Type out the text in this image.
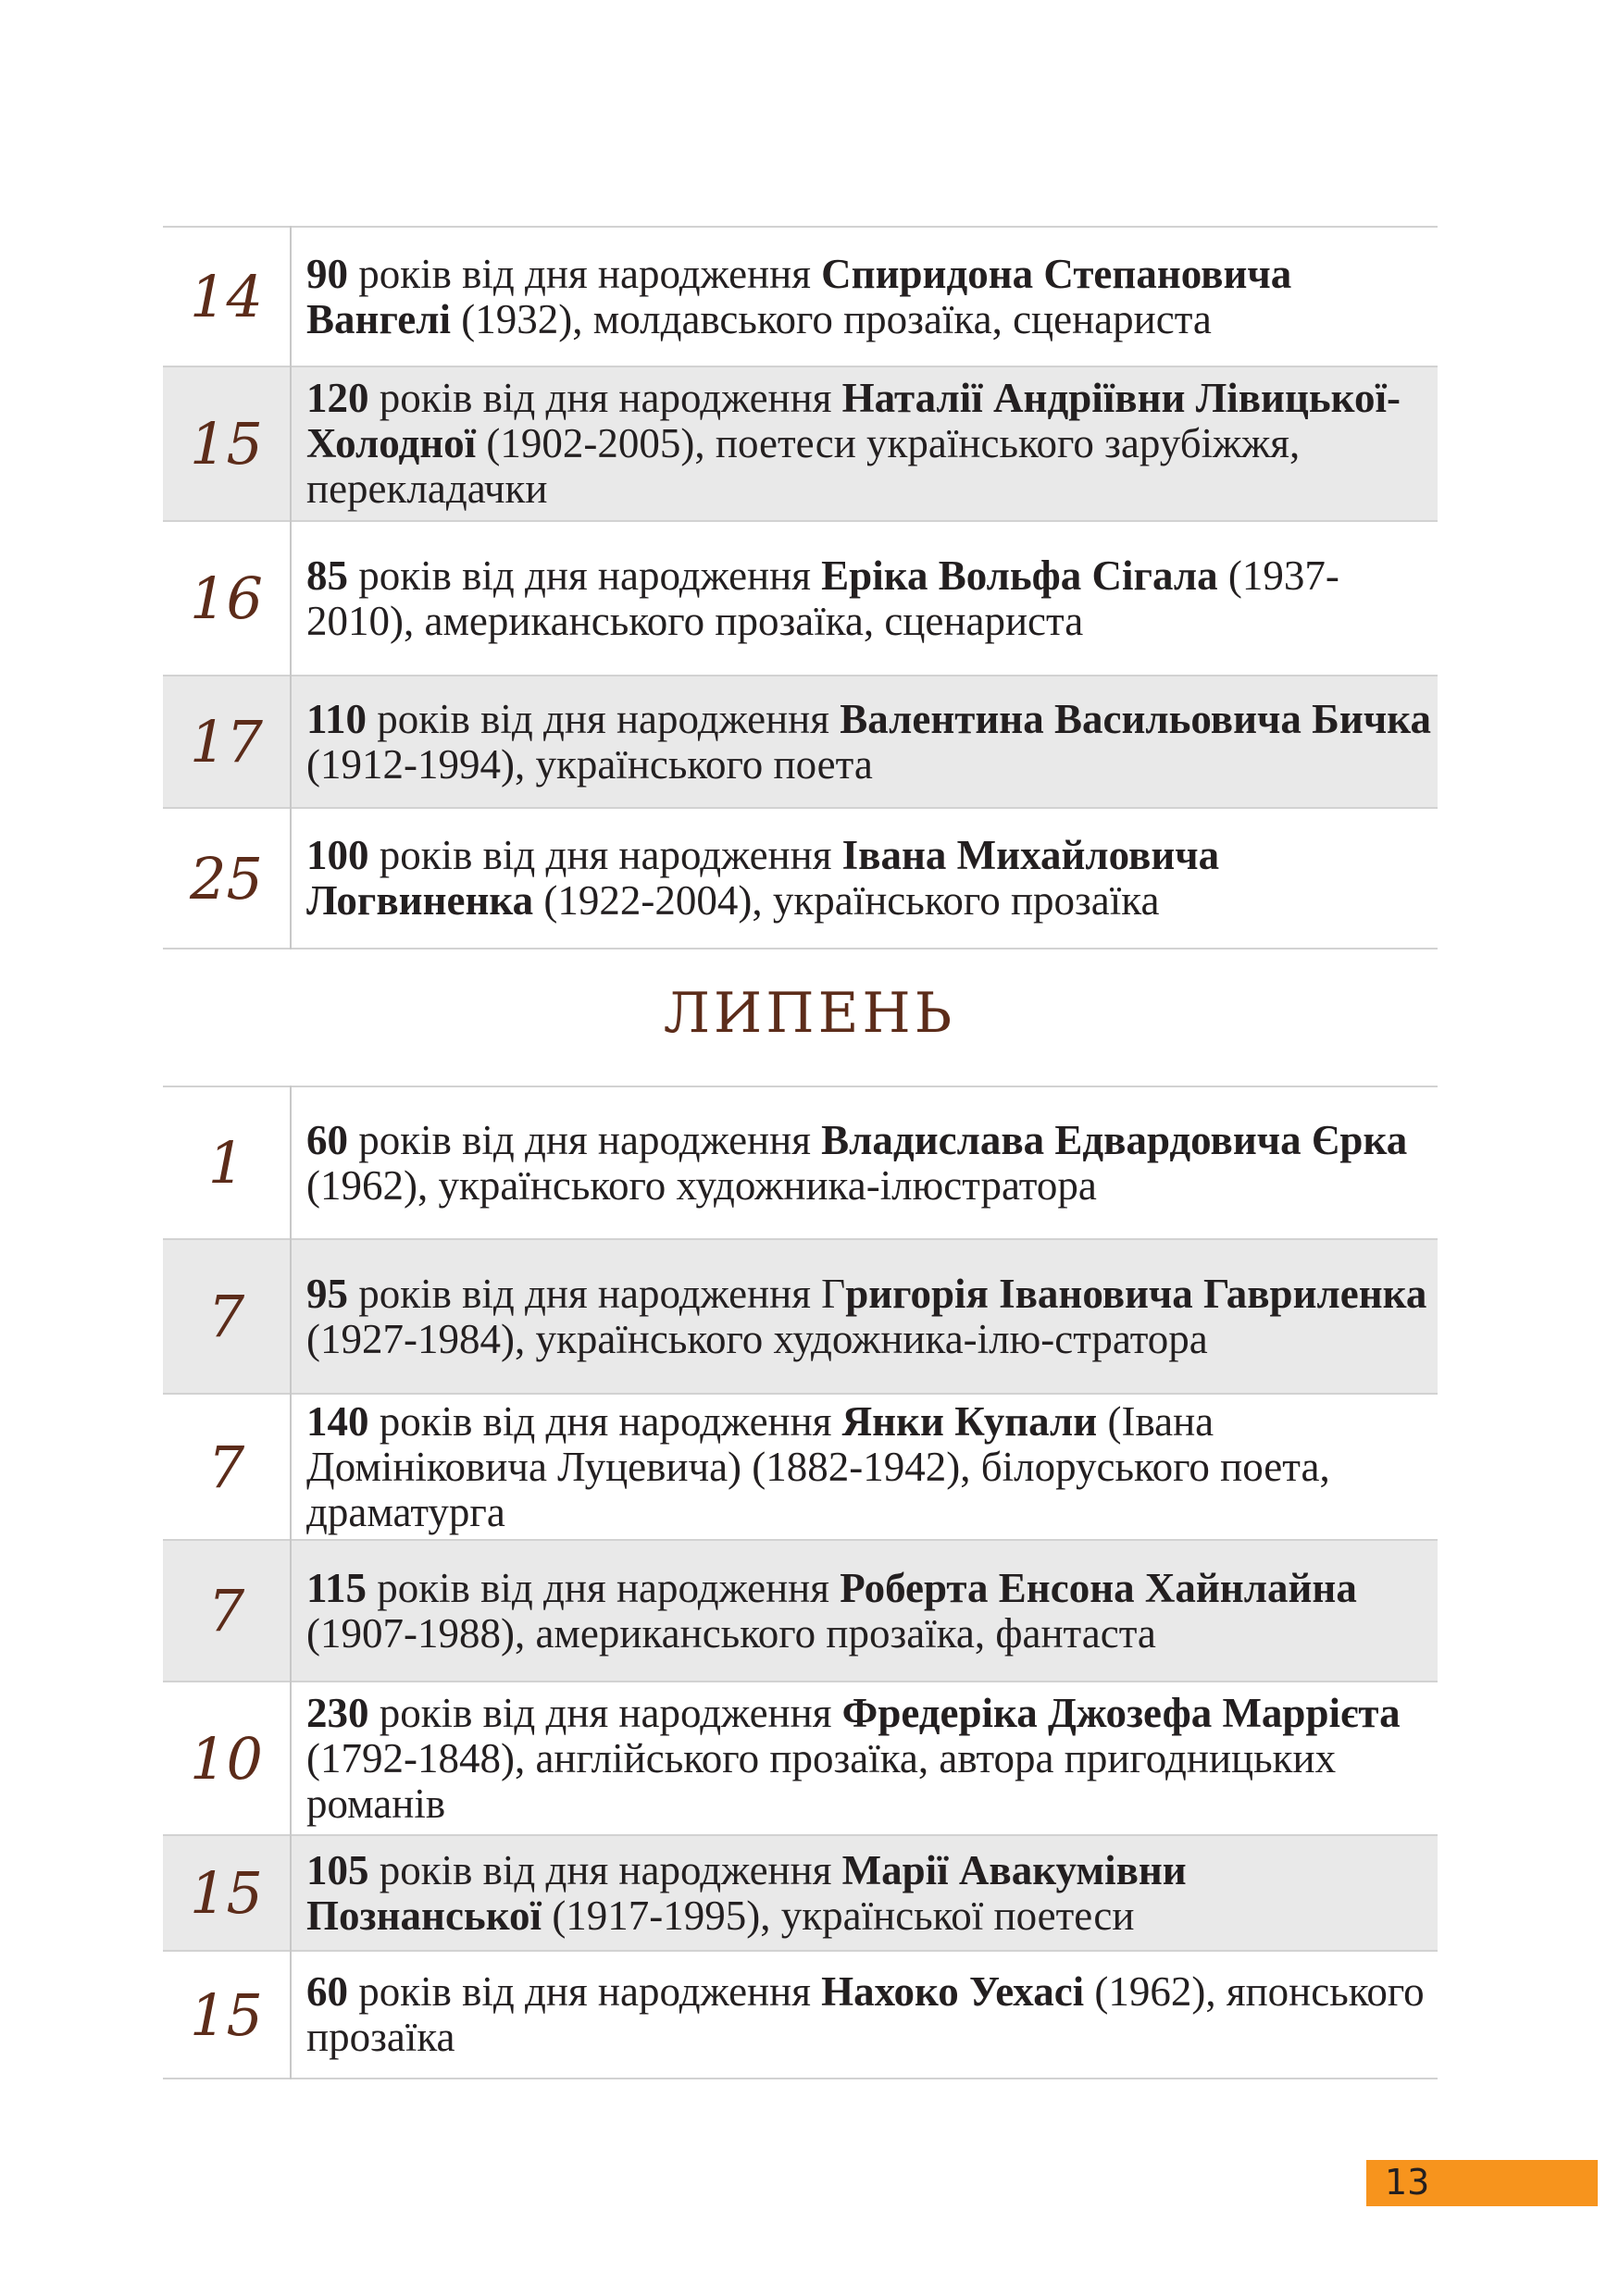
14	90 років від дня народження Спиридона Степановича Вангелі (1932), молдавського прозаїка, сценариста
15	120 років від дня народження Наталії Андріївни Лівицької-Холодної (1902-2005), поетеси українського зарубіжжя, перекладачки
16	85 років від дня народження Еріка Вольфа Сігала (1937-2010), американського прозаїка, сценариста
17	110 років від дня народження Валентина Васильовича Бичка (1912-1994), українського поета
25	100 років від дня народження Івана Михайловича Логвиненка (1922-2004), українського прозаїка
ЛИПЕНЬ
1	60 років від дня народження Владислава Едвардовича Єрка (1962), українського художника-ілюстратора
7	95 років від дня народження Григорія Івановича Гавриленка (1927-1984), українського художника-ілю-стратора
7	140 років від дня народження Янки Купали (Івана Домініковича Луцевича) (1882-1942), білоруського поета, драматурга
7	115 років від дня народження Роберта Енсона Хайнлайна (1907-1988), американського прозаїка, фантаста
10	230 років від дня народження Фредеріка Джозефа Маррієта (1792-1848), англійського прозаїка, автора пригодницьких романів
15	105 років від дня народження Марії Авакумівни Познанської (1917-1995), української поетеси
15	60 років від дня народження Нахоко Уехасі (1962), японського прозаїка
13
